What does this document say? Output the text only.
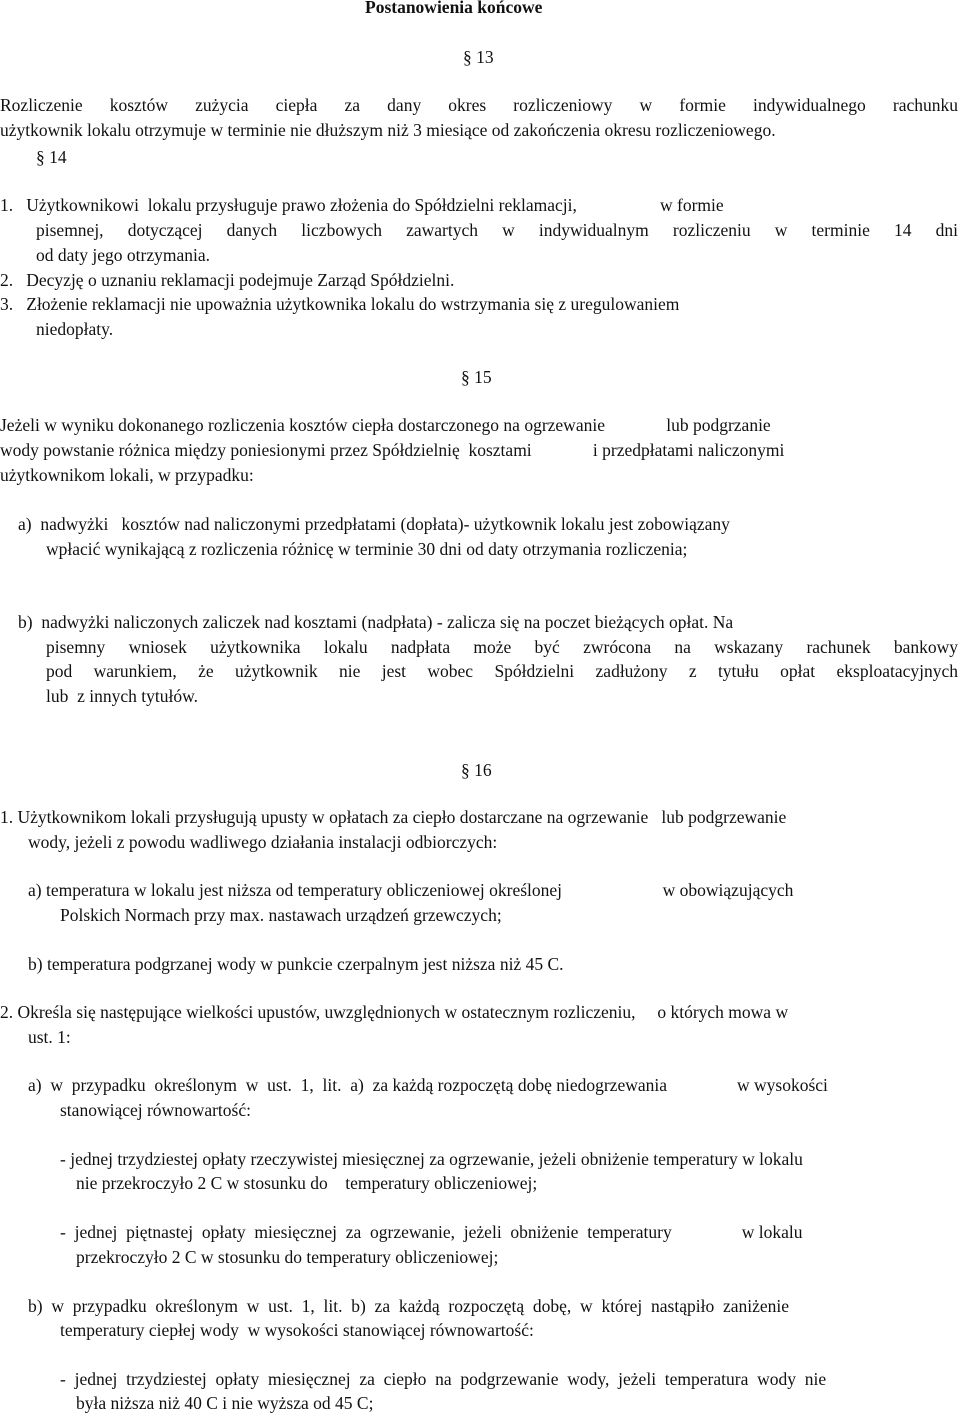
Postanowienia końcowe
§ 13
Rozliczenie kosztów zużycia ciepła za dany okres rozliczeniowy w formie indywidualnego rachunku
użytkownik lokalu otrzymuje w terminie nie dłuższym niż 3 miesiące od zakończenia okresu rozliczeniowego.
§ 14
1.   Użytkownikowi  lokalu przysługuje prawo złożenia do Spółdzielni reklamacji,                   w formie
pisemnej, dotyczącej danych liczbowych zawartych w indywidualnym rozliczeniu w terminie 14 dni
od daty jego otrzymania.
2.   Decyzję o uznaniu reklamacji podejmuje Zarząd Spółdzielni.
3.   Złożenie reklamacji nie upoważnia użytkownika lokalu do wstrzymania się z uregulowaniem
niedopłaty.
§ 15
Jeżeli w wyniku dokonanego rozliczenia kosztów ciepła dostarczonego na ogrzewanie              lub podgrzanie
wody powstanie różnica między poniesionymi przez Spółdzielnię  kosztami              i przedpłatami naliczonymi
użytkownikom lokali, w przypadku:
a)  nadwyżki   kosztów nad naliczonymi przedpłatami (dopłata)- użytkownik lokalu jest zobowiązany
wpłacić wynikającą z rozliczenia różnicę w terminie 30 dni od daty otrzymania rozliczenia;
b)  nadwyżki naliczonych zaliczek nad kosztami (nadpłata) - zalicza się na poczet bieżących opłat. Na
pisemny wniosek użytkownika lokalu nadpłata może być zwrócona na wskazany rachunek bankowy
pod warunkiem, że użytkownik nie jest wobec Spółdzielni zadłużony z tytułu opłat eksploatacyjnych
lub  z innych tytułów.
§ 16
1. Użytkownikom lokali przysługują upusty w opłatach za ciepło dostarczane na ogrzewanie   lub podgrzewanie
wody, jeżeli z powodu wadliwego działania instalacji odbiorczych:
a) temperatura w lokalu jest niższa od temperatury obliczeniowej określonej                       w obowiązujących
Polskich Normach przy max. nastawach urządzeń grzewczych;
b) temperatura podgrzanej wody w punkcie czerpalnym jest niższa niż 45 C.
2. Określa się następujące wielkości upustów, uwzględnionych w ostatecznym rozliczeniu,     o których mowa w
ust. 1:
a)  w  przypadku  określonym  w  ust.  1,  lit.  a)  za każdą rozpoczętą dobę niedogrzewania                w wysokości
stanowiącej równowartość:
- jednej trzydziestej opłaty rzeczywistej miesięcznej za ogrzewanie, jeżeli obniżenie temperatury w lokalu
nie przekroczyło 2 C w stosunku do    temperatury obliczeniowej;
-  jednej  piętnastej  opłaty  miesięcznej  za  ogrzewanie,  jeżeli  obniżenie  temperatury                w lokalu
przekroczyło 2 C w stosunku do temperatury obliczeniowej;
b)  w  przypadku  określonym  w  ust.  1,  lit.  b)  za  każdą  rozpoczętą  dobę,  w  której  nastąpiło  zaniżenie
temperatury ciepłej wody  w wysokości stanowiącej równowartość:
-  jednej  trzydziestej  opłaty  miesięcznej  za  ciepło  na  podgrzewanie  wody,  jeżeli  temperatura  wody  nie
była niższa niż 40 C i nie wyższa od 45 C;
